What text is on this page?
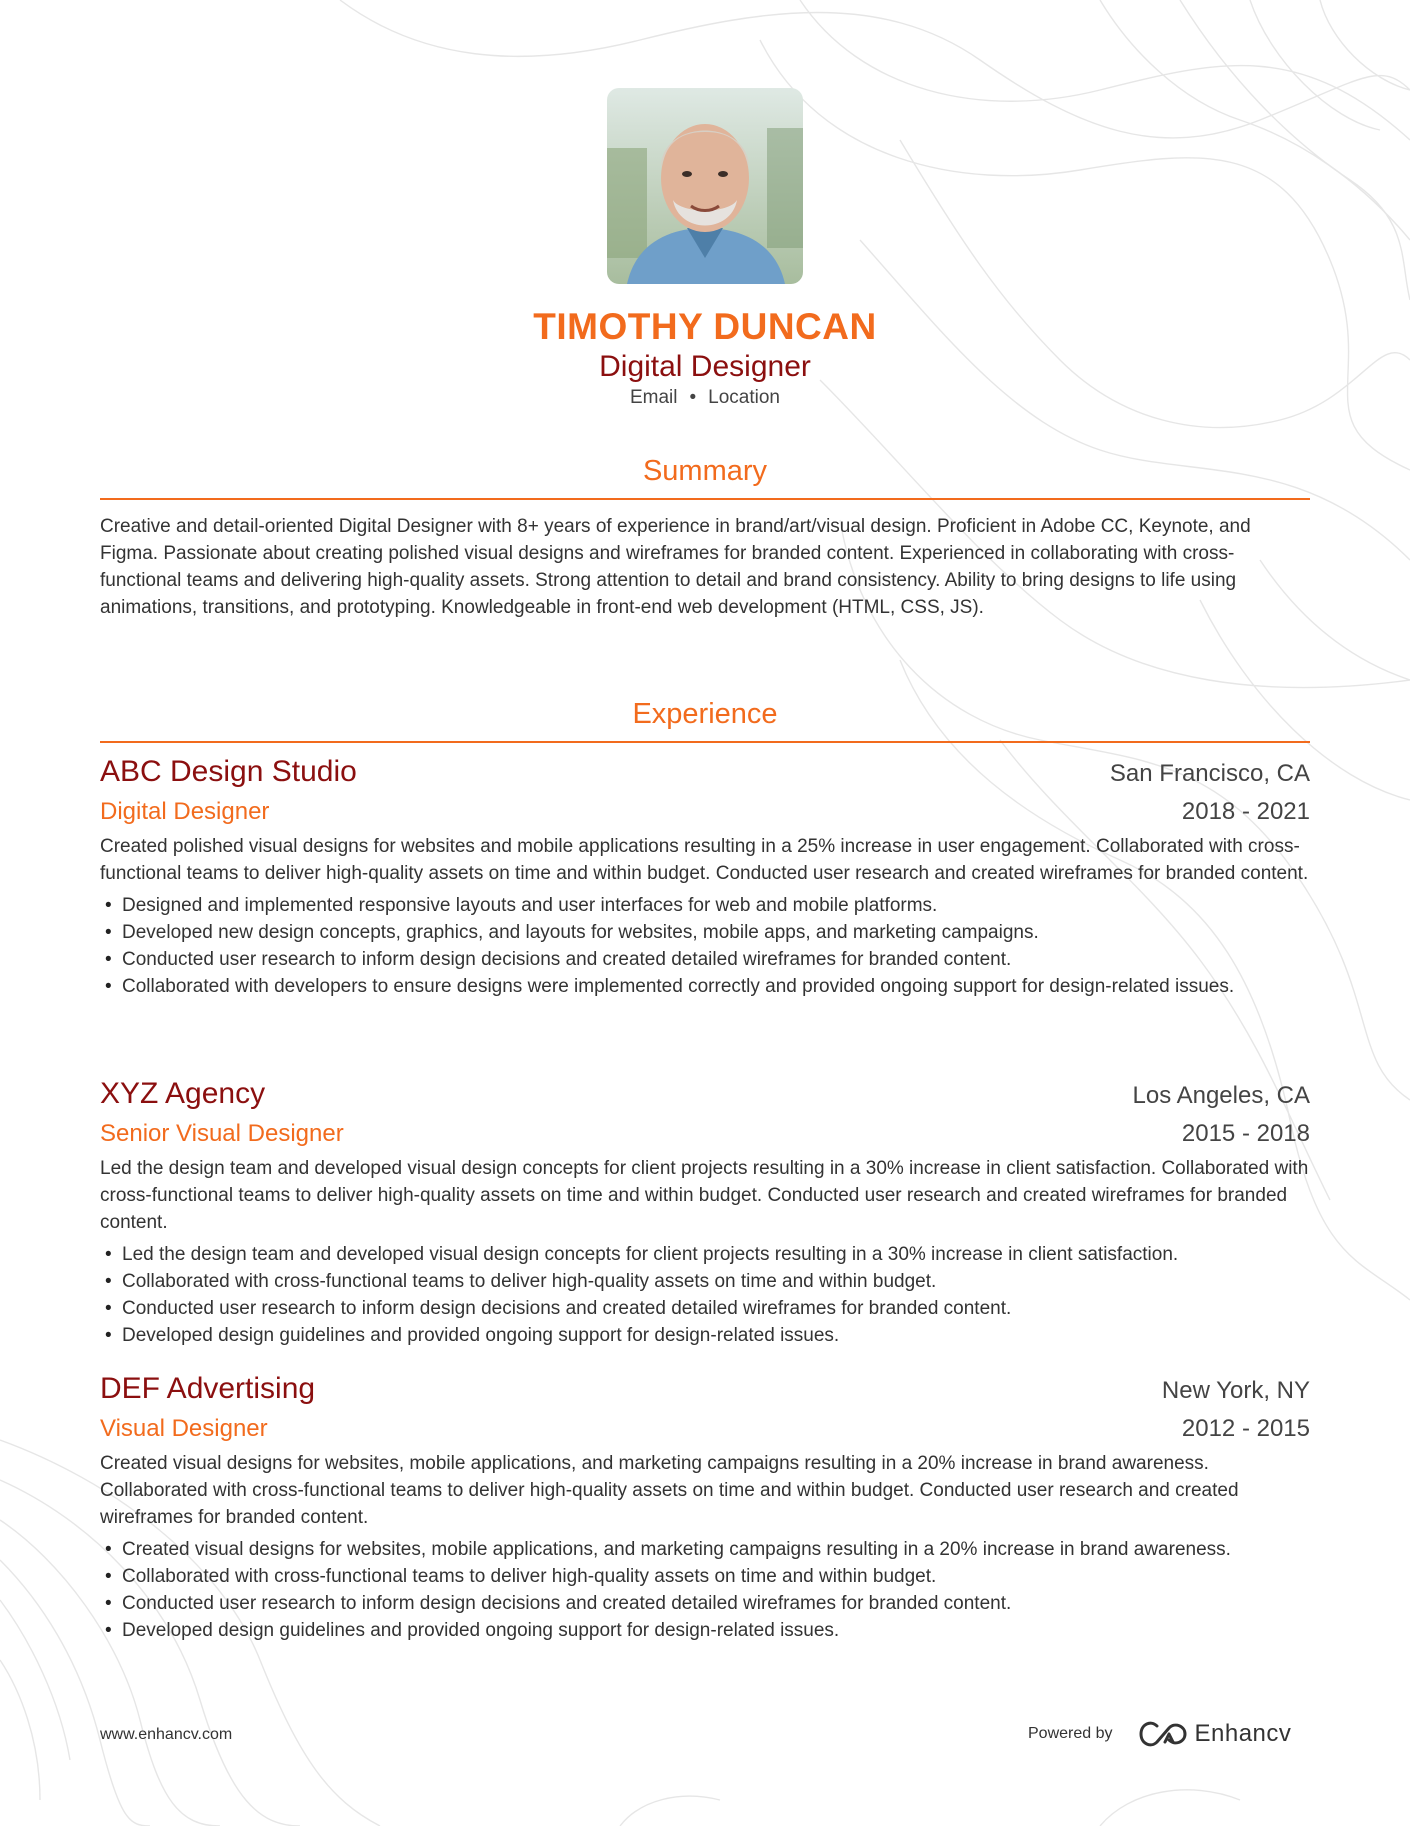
TIMOTHY DUNCAN
Digital Designer
Email • Location
Summary
Creative and detail-oriented Digital Designer with 8+ years of experience in brand/art/visual design. Proficient in Adobe CC, Keynote, and Figma. Passionate about creating polished visual designs and wireframes for branded content. Experienced in collaborating with cross-functional teams and delivering high-quality assets. Strong attention to detail and brand consistency. Ability to bring designs to life using animations, transitions, and prototyping. Knowledgeable in front-end web development (HTML, CSS, JS).
Experience
ABC Design Studio	San Francisco, CA
Digital Designer	2018 - 2021
Created polished visual designs for websites and mobile applications resulting in a 25% increase in user engagement. Collaborated with cross-functional teams to deliver high-quality assets on time and within budget. Conducted user research and created wireframes for branded content.
• Designed and implemented responsive layouts and user interfaces for web and mobile platforms.
• Developed new design concepts, graphics, and layouts for websites, mobile apps, and marketing campaigns.
• Conducted user research to inform design decisions and created detailed wireframes for branded content.
• Collaborated with developers to ensure designs were implemented correctly and provided ongoing support for design-related issues.
XYZ Agency	Los Angeles, CA
Senior Visual Designer	2015 - 2018
Led the design team and developed visual design concepts for client projects resulting in a 30% increase in client satisfaction. Collaborated with cross-functional teams to deliver high-quality assets on time and within budget. Conducted user research and created wireframes for branded content.
• Led the design team and developed visual design concepts for client projects resulting in a 30% increase in client satisfaction.
• Collaborated with cross-functional teams to deliver high-quality assets on time and within budget.
• Conducted user research to inform design decisions and created detailed wireframes for branded content.
• Developed design guidelines and provided ongoing support for design-related issues.
DEF Advertising	New York, NY
Visual Designer	2012 - 2015
Created visual designs for websites, mobile applications, and marketing campaigns resulting in a 20% increase in brand awareness. Collaborated with cross-functional teams to deliver high-quality assets on time and within budget. Conducted user research and created wireframes for branded content.
• Created visual designs for websites, mobile applications, and marketing campaigns resulting in a 20% increase in brand awareness.
• Collaborated with cross-functional teams to deliver high-quality assets on time and within budget.
• Conducted user research to inform design decisions and created detailed wireframes for branded content.
• Developed design guidelines and provided ongoing support for design-related issues.
www.enhancv.com	Powered by	Enhancv
